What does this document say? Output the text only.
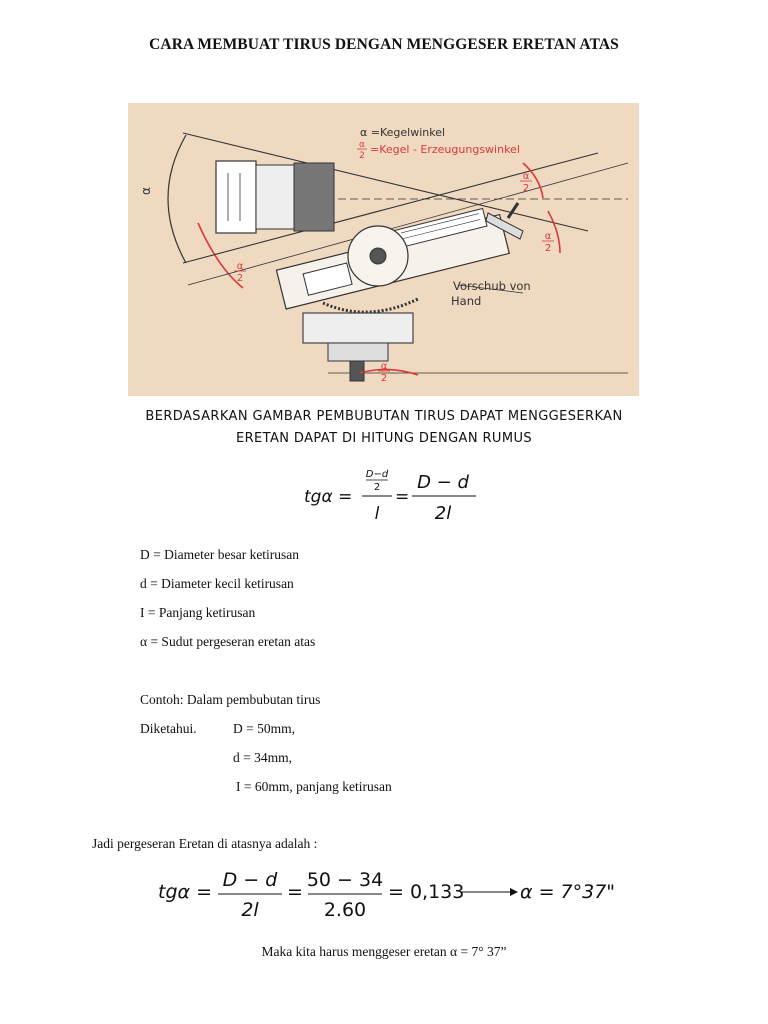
CARA MEMBUAT TIRUS DENGAN MENGGESER ERETAN ATAS
α =Kegelwinkel
α
2 =Kegel - Erzeugungswinkel
α
α
2
α
2
α
2
α
2
Vorschub von
Hand
BERDASARKAN GAMBAR PEMBUBUTAN TIRUS DAPAT MENGGESERKAN
ERETAN DAPAT DI HITUNG DENGAN RUMUS
tgα =
D−d
2
l
=
D − d
2l
D = Diameter besar ketirusan
d = Diameter kecil ketirusan
I = Panjang ketirusan
α = Sudut pergeseran eretan atas
Contoh: Dalam pembubutan tirus
Diketahui.	D = 50mm,
d = 34mm,
I = 60mm, panjang ketirusan
Jadi pergeseran Eretan di atasnya adalah :
tgα =
D − d
2l
=
50 − 34
2.60
= 0,133	α = 7°37"
Maka kita harus menggeser eretan α = 7° 37”
